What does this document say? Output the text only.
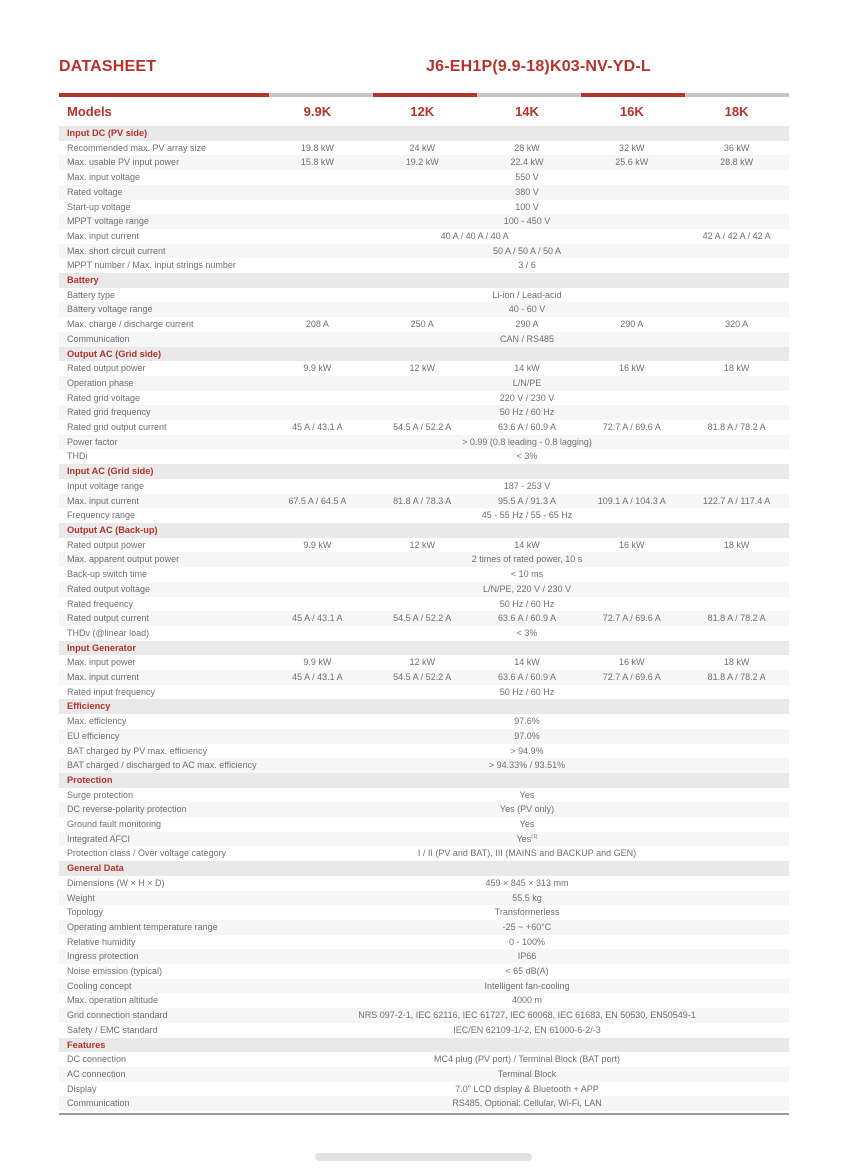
DATASHEET	J6-EH1P(9.9-18)K03-NV-YD-L
Models	9.9K	12K	14K	16K	18K
Input DC (PV side)					
Recommended max. PV array size	19.8 kW	24 kW	28 kW	32 kW	36 kW
Max. usable PV input power	15.8 kW	19.2 kW	22.4 kW	25.6 kW	28.8 kW
Max. input voltage	550 V				
Rated voltage	380 V				
Start-up voltage	100 V				
MPPT voltage range	100 - 450 V				
Max. input current	40 A / 40 A / 40 A				42 A / 42 A / 42 A
Max. short circuit current	50 A / 50 A / 50 A				
MPPT number / Max. input strings number	3 / 6				
Battery					
Battery type	Li-ion / Lead-acid				
Battery voltage range	40 - 60 V				
Max. charge / discharge current	208 A	250 A	290 A	290 A	320 A
Communication	CAN / RS485				
Output AC (Grid side)					
Rated output power	9.9 kW	12 kW	14 kW	16 kW	18 kW
Operation phase	L/N/PE				
Rated grid voltage	220 V / 230 V				
Rated grid frequency	50 Hz / 60 Hz				
Rated grid output current	45 A / 43.1 A	54.5 A / 52.2 A	63.6 A / 60.9 A	72.7 A / 69.6 A	81.8 A / 78.2 A
Power factor	> 0.99 (0.8 leading - 0.8 lagging)				
THDi	< 3%				
Input AC (Grid side)					
Input voltage range	187 - 253 V				
Max. input current	67.5 A / 64.5 A	81.8 A / 78.3 A	95.5 A / 91.3 A	109.1 A / 104.3 A	122.7 A / 117.4 A
Frequency range	45 - 55 Hz / 55 - 65 Hz				
Output AC (Back-up)					
Rated output power	9.9 kW	12 kW	14 kW	16 kW	18 kW
Max. apparent output power	2 times of rated power, 10 s				
Back-up switch time	< 10 ms				
Rated output voltage	L/N/PE, 220 V / 230 V				
Rated frequency	50 Hz / 60 Hz				
Rated output current	45 A / 43.1 A	54.5 A / 52.2 A	63.6 A / 60.9 A	72.7 A / 69.6 A	81.8 A / 78.2 A
THDv (@linear load)	< 3%				
Input Generator					
Max. input power	9.9 kW	12 kW	14 kW	16 kW	18 kW
Max. input current	45 A / 43.1 A	54.5 A / 52.2 A	63.6 A / 60.9 A	72.7 A / 69.6 A	81.8 A / 78.2 A
Rated input frequency	50 Hz / 60 Hz				
Efficiency					
Max. efficiency	97.6%				
EU efficiency	97.0%				
BAT charged by PV max. efficiency	> 94.9%				
BAT charged / discharged to AC max. efficiency	> 94.33% / 93.51%				
Protection					
Surge protection	Yes				
DC reverse-polarity protection	Yes (PV only)				
Ground fault monitoring	Yes				
Integrated AFCI	Yes$^{(1)}$
Protection class / Over voltage category	I / II (PV and BAT), III (MAINS and BACKUP and GEN)				
General Data					
Dimensions (W × H × D)	459 × 845 × 313 mm				
Weight	55.5 kg				
Topology	Transformerless				
Operating ambient temperature range	-25 ~ +60°C				
Relative humidity	0 - 100%				
Ingress protection	IP66				
Noise emission (typical)	< 65 dB(A)				
Cooling concept	Intelligent fan-cooling				
Max. operation altitude	4000 m				
Grid connection standard	NRS 097-2-1, IEC 62116, IEC 61727, IEC 60068, IEC 61683, EN 50530, EN50549-1				
Safety / EMC standard	IEC/EN 62109-1/-2, EN 61000-6-2/-3				
Features					
DC connection	MC4 plug (PV port) / Terminal Block (BAT port)				
AC connection	Terminal Block				
Display	7.0" LCD display & Bluetooth + APP				
Communication	RS485, Optional: Cellular, Wi-Fi, LAN				
